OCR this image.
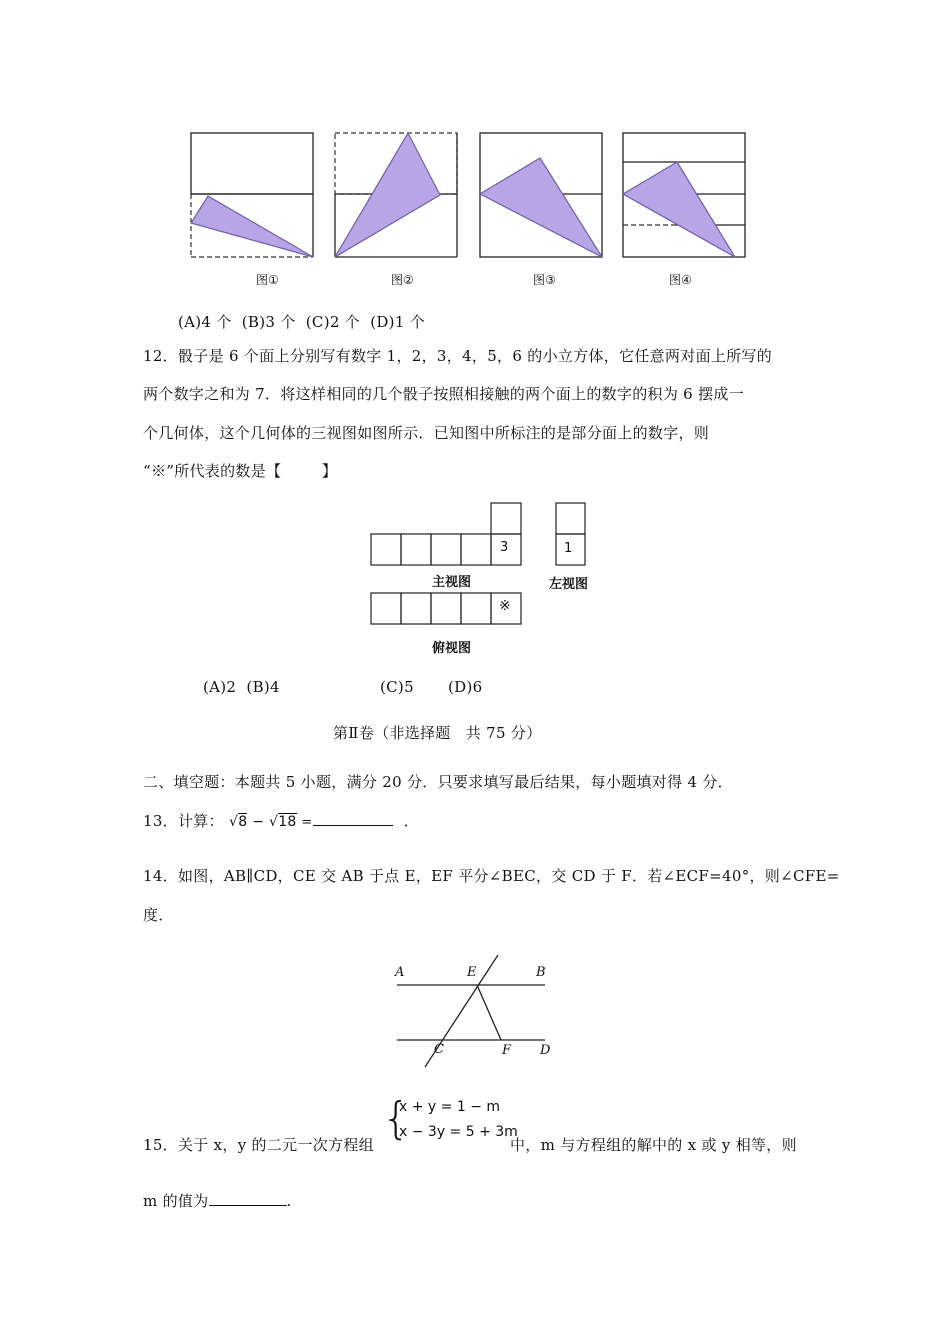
图①	图②	图③	图④
(A)4 个  (B)3 个  (C)2 个  (D)1 个
12．骰子是 6 个面上分别写有数字 1，2，3，4，5，6 的小立方体，它任意两对面上所写的
两个数字之和为 7．将这样相同的几个骰子按照相接触的两个面上的数字的积为 6 摆成一
个几何体，这个几何体的三视图如图所示．已知图中所标注的是部分面上的数字，则
“※”所代表的数是【        】
3	1
※
主视图	左视图
俯视图
(A)2  (B)4	(C)5 (D)6
第Ⅱ卷（非选择题   共 75 分）
二、填空题：本题共 5 小题，满分 20 分．只要求填写最后结果，每小题填对得 4 分．
13．计算： √8 − √18 =	．
14．如图，AB∥CD，CE 交 AB 于点 E，EF 平分∠BEC，交 CD 于 F．若∠ECF=40°，则∠CFE=
度．
A	E	B
C	F D
15．关于 x，y 的二元一次方程组
{
x + y = 1 − m
x − 3y = 5 + 3m
中，m 与方程组的解中的 x 或 y 相等，则
m 的值为	.
